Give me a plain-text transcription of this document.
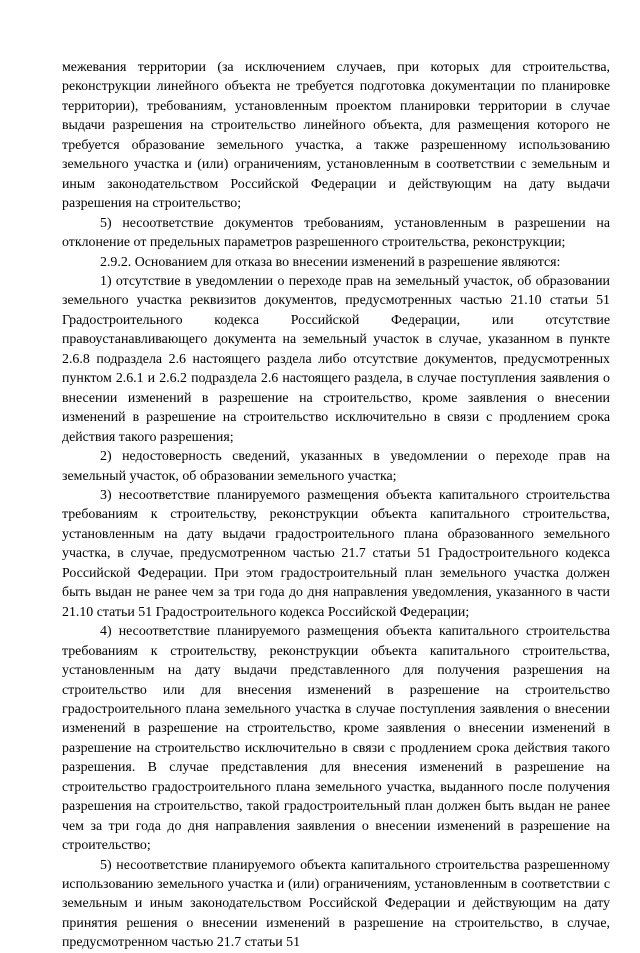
межевания территории (за исключением случаев, при которых для строительства, реконструкции линейного объекта не требуется подготовка документации по планировке территории), требованиям, установленным проектом планировки территории в случае выдачи разрешения на строительство линейного объекта, для размещения которого не требуется образование земельного участка, а также разрешенному использованию земельного участка и (или) ограничениям, установленным в соответствии с земельным и иным законодательством Российской Федерации и действующим на дату выдачи разрешения на строительство;

5) несоответствие документов требованиям, установленным в разрешении на отклонение от предельных параметров разрешенного строительства, реконструкции;

2.9.2. Основанием для отказа во внесении изменений в разрешение являются:

1) отсутствие в уведомлении о переходе прав на земельный участок, об образовании земельного участка реквизитов документов, предусмотренных частью 21.10 статьи 51 Градостроительного кодекса Российской Федерации, или отсутствие правоустанавливающего документа на земельный участок в случае, указанном в пункте 2.6.8 подраздела 2.6 настоящего раздела либо отсутствие документов, предусмотренных пунктом 2.6.1 и 2.6.2 подраздела 2.6 настоящего раздела, в случае поступления заявления о внесении изменений в разрешение на строительство, кроме заявления о внесении изменений в разрешение на строительство исключительно в связи с продлением срока действия такого разрешения;

2) недостоверность сведений, указанных в уведомлении о переходе прав на земельный участок, об образовании земельного участка;

3) несоответствие планируемого размещения объекта капитального строительства требованиям к строительству, реконструкции объекта капитального строительства, установленным на дату выдачи градостроительного плана образованного земельного участка, в случае, предусмотренном частью 21.7 статьи 51 Градостроительного кодекса Российской Федерации. При этом градостроительный план земельного участка должен быть выдан не ранее чем за три года до дня направления уведомления, указанного в части 21.10 статьи 51 Градостроительного кодекса Российской Федерации;

4) несоответствие планируемого размещения объекта капитального строительства требованиям к строительству, реконструкции объекта капитального строительства, установленным на дату выдачи представленного для получения разрешения на строительство или для внесения изменений в разрешение на строительство градостроительного плана земельного участка в случае поступления заявления о внесении изменений в разрешение на строительство, кроме заявления о внесении изменений в разрешение на строительство исключительно в связи с продлением срока действия такого разрешения. В случае представления для внесения изменений в разрешение на строительство градостроительного плана земельного участка, выданного после получения разрешения на строительство, такой градостроительный план должен быть выдан не ранее чем за три года до дня направления заявления о внесении изменений в разрешение на строительство;

5) несоответствие планируемого объекта капитального строительства разрешенному использованию земельного участка и (или) ограничениям, установленным в соответствии с земельным и иным законодательством Российской Федерации и действующим на дату принятия решения о внесении изменений в разрешение на строительство, в случае, предусмотренном частью 21.7 статьи 51
